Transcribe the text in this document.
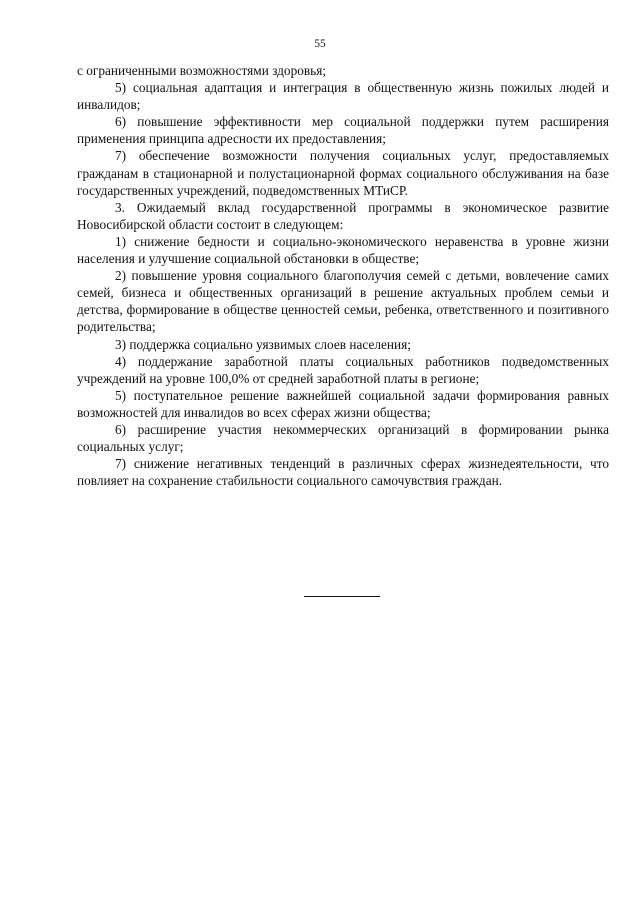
55

с ограниченными возможностями здоровья;

5) социальная адаптация и интеграция в общественную жизнь пожилых людей и инвалидов;

6) повышение эффективности мер социальной поддержки путем расширения применения принципа адресности их предоставления;

7) обеспечение возможности получения социальных услуг, предоставляемых гражданам в стационарной и полустационарной формах социального обслуживания на базе государственных учреждений, подведомственных МТиСР.

3. Ожидаемый вклад государственной программы в экономическое развитие Новосибирской области состоит в следующем:

1) снижение бедности и социально-экономического неравенства в уровне жизни населения и улучшение социальной обстановки в обществе;

2) повышение уровня социального благополучия семей с детьми, вовлечение самих семей, бизнеса и общественных организаций в решение актуальных проблем семьи и детства, формирование в обществе ценностей семьи, ребенка, ответственного и позитивного родительства;

3) поддержка социально уязвимых слоев населения;

4) поддержание заработной платы социальных работников подведомственных учреждений на уровне 100,0% от средней заработной платы в регионе;

5) поступательное решение важнейшей социальной задачи формирования равных возможностей для инвалидов во всех сферах жизни общества;

6) расширение участия некоммерческих организаций в формировании рынка социальных услуг;

7) снижение негативных тенденций в различных сферах жизнедеятельности, что повлияет на сохранение стабильности социального самочувствия граждан.
